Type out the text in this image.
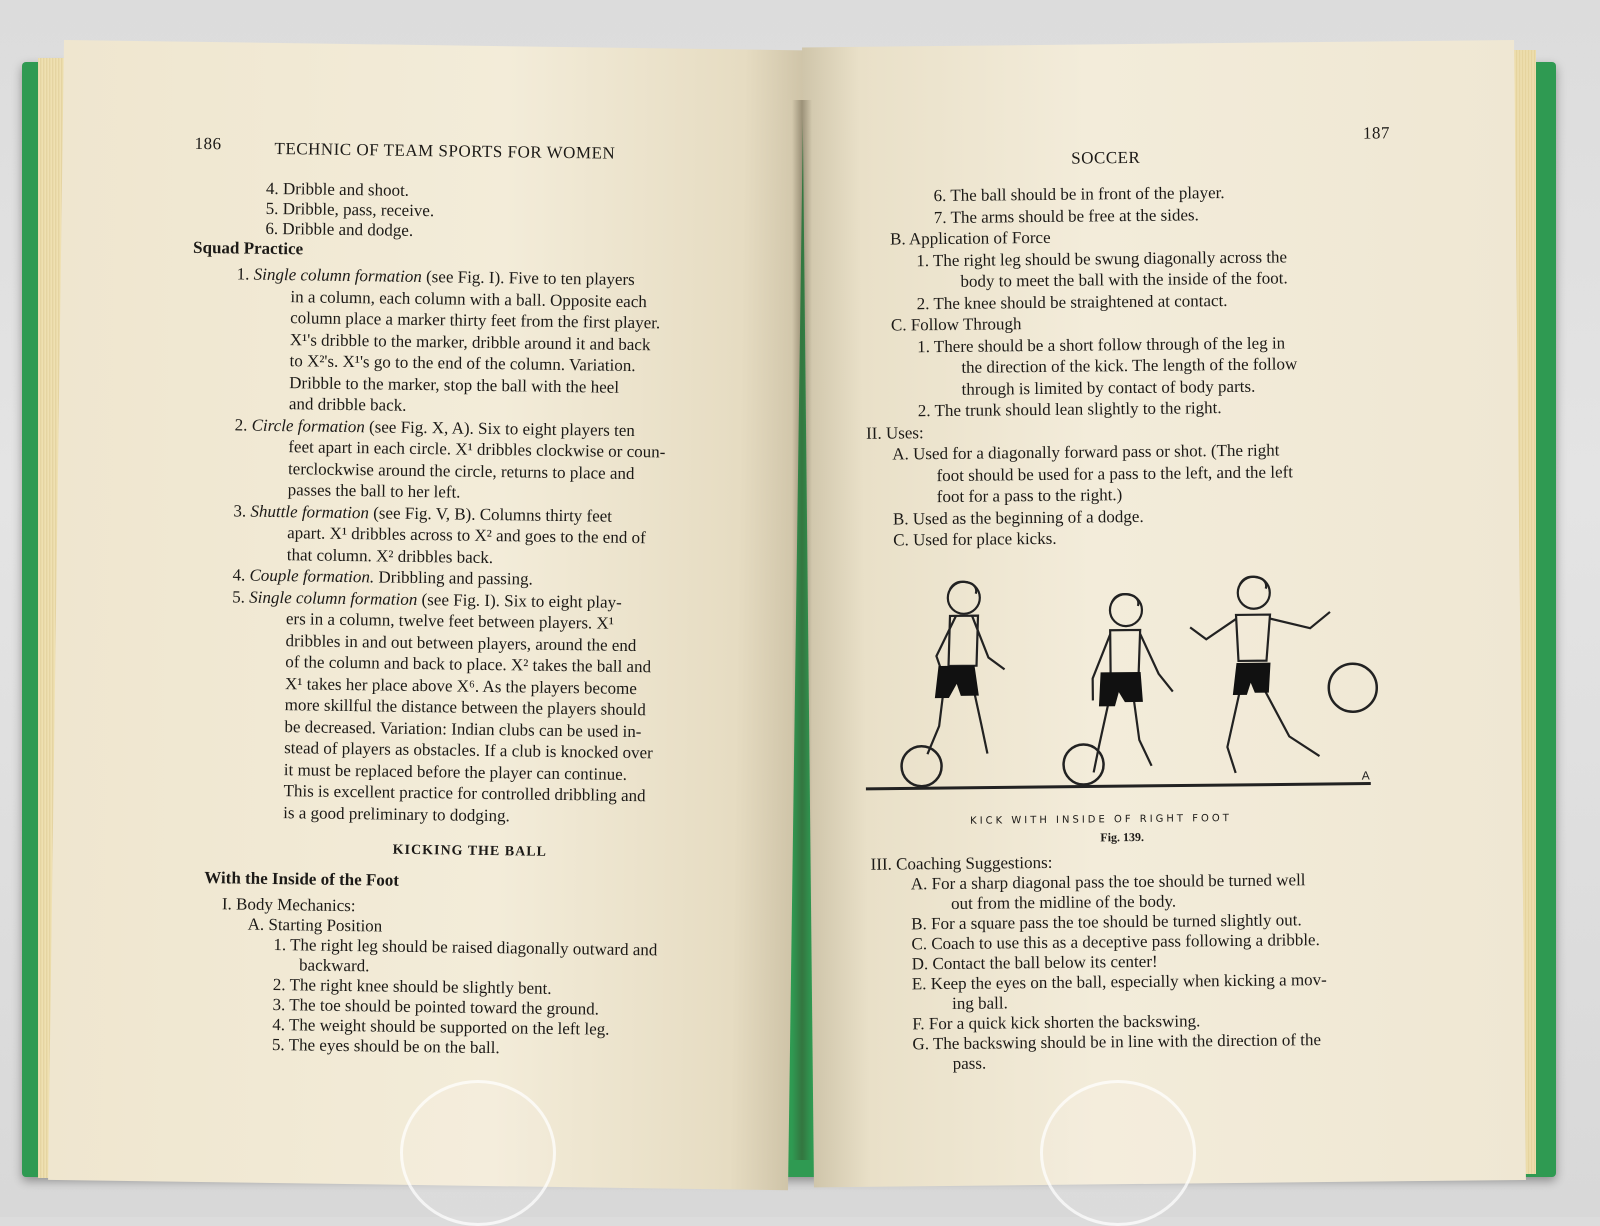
186	TECHNIC OF TEAM SPORTS FOR WOMEN
4. Dribble and shoot.
5. Dribble, pass, receive.
6. Dribble and dodge.
Squad Practice
1. Single column formation (see Fig. I). Five to ten players
in a column, each column with a ball. Opposite each
column place a marker thirty feet from the first player.
X¹'s dribble to the marker, dribble around it and back
to X²'s. X¹'s go to the end of the column. Variation.
Dribble to the marker, stop the ball with the heel
and dribble back.
2. Circle formation (see Fig. X, A). Six to eight players ten
feet apart in each circle. X¹ dribbles clockwise or coun-
terclockwise around the circle, returns to place and
passes the ball to her left.
3. Shuttle formation (see Fig. V, B). Columns thirty feet
apart. X¹ dribbles across to X² and goes to the end of
that column. X² dribbles back.
4. Couple formation. Dribbling and passing.
5. Single column formation (see Fig. I). Six to eight play-
ers in a column, twelve feet between players. X¹
dribbles in and out between players, around the end
of the column and back to place. X² takes the ball and
X¹ takes her place above X⁶. As the players become
more skillful the distance between the players should
be decreased. Variation: Indian clubs can be used in-
stead of players as obstacles. If a club is knocked over
it must be replaced before the player can continue.
This is excellent practice for controlled dribbling and
is a good preliminary to dodging.
KICKING THE BALL
With the Inside of the Foot
I. Body Mechanics:
A. Starting Position
1. The right leg should be raised diagonally outward and
backward.
2. The right knee should be slightly bent.
3. The toe should be pointed toward the ground.
4. The weight should be supported on the left leg.
5. The eyes should be on the ball.
187
SOCCER
6. The ball should be in front of the player.
7. The arms should be free at the sides.
B. Application of Force
1. The right leg should be swung diagonally across the
body to meet the ball with the inside of the foot.
2. The knee should be straightened at contact.
C. Follow Through
1. There should be a short follow through of the leg in
the direction of the kick. The length of the follow
through is limited by contact of body parts.
2. The trunk should lean slightly to the right.
II. Uses:
A. Used for a diagonally forward pass or shot. (The right
foot should be used for a pass to the left, and the left
foot for a pass to the right.)
B. Used as the beginning of a dodge.
C. Used for place kicks.
A
KICK WITH INSIDE OF RIGHT FOOT
Fig. 139.
III. Coaching Suggestions:
A. For a sharp diagonal pass the toe should be turned well
out from the midline of the body.
B. For a square pass the toe should be turned slightly out.
C. Coach to use this as a deceptive pass following a dribble.
D. Contact the ball below its center!
E. Keep the eyes on the ball, especially when kicking a mov-
ing ball.
F. For a quick kick shorten the backswing.
G. The backswing should be in line with the direction of the
pass.
